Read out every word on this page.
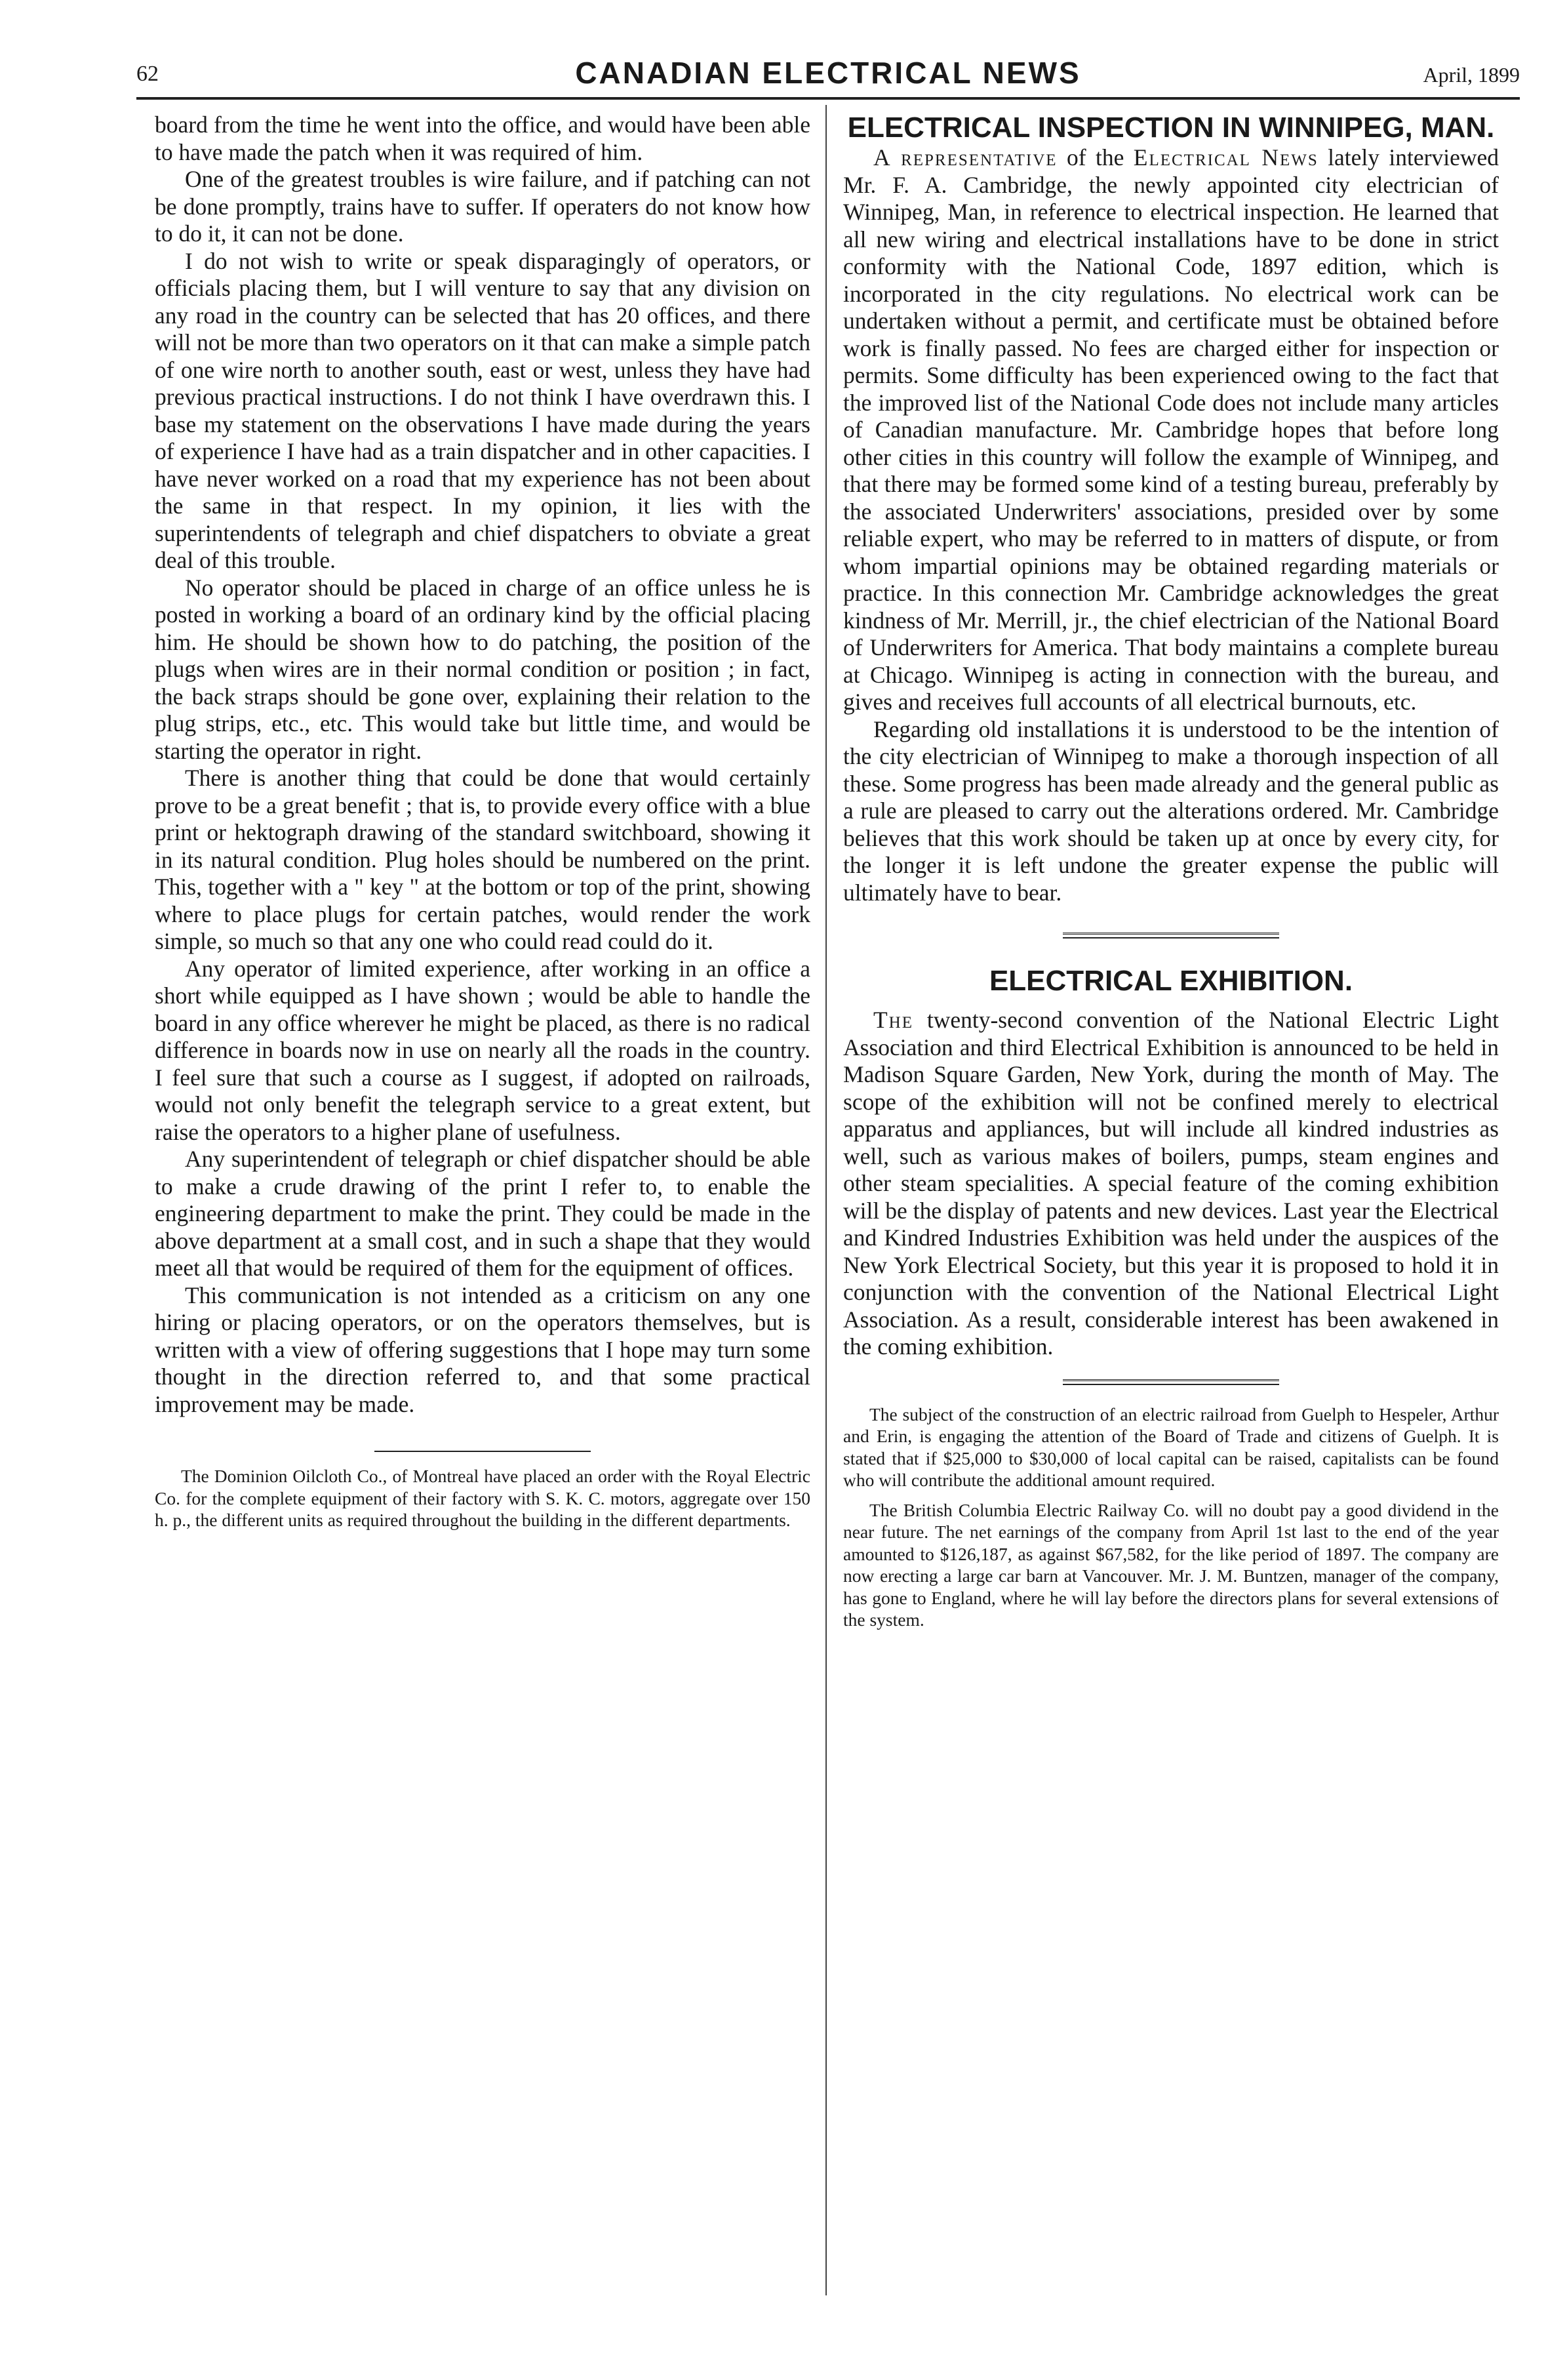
62	CANADIAN ELECTRICAL NEWS	April, 1899

board from the time he went into the office, and would have been able to have made the patch when it was required of him.

One of the greatest troubles is wire failure, and if patching can not be done promptly, trains have to suffer. If operaters do not know how to do it, it can not be done.

I do not wish to write or speak disparagingly of operators, or officials placing them, but I will venture to say that any division on any road in the country can be selected that has 20 offices, and there will not be more than two operators on it that can make a simple patch of one wire north to another south, east or west, unless they have had previous practical instructions. I do not think I have overdrawn this. I base my statement on the observations I have made during the years of experience I have had as a train dispatcher and in other capacities. I have never worked on a road that my experience has not been about the same in that respect. In my opinion, it lies with the superintendents of telegraph and chief dispatchers to obviate a great deal of this trouble.

No operator should be placed in charge of an office unless he is posted in working a board of an ordinary kind by the official placing him. He should be shown how to do patching, the position of the plugs when wires are in their normal condition or position ; in fact, the back straps should be gone over, explaining their relation to the plug strips, etc., etc. This would take but little time, and would be starting the operator in right.

There is another thing that could be done that would certainly prove to be a great benefit ; that is, to provide every office with a blue print or hektograph drawing of the standard switchboard, showing it in its natural condition. Plug holes should be numbered on the print. This, together with a " key " at the bottom or top of the print, showing where to place plugs for certain patches, would render the work simple, so much so that any one who could read could do it.

Any operator of limited experience, after working in an office a short while equipped as I have shown ; would be able to handle the board in any office wherever he might be placed, as there is no radical difference in boards now in use on nearly all the roads in the country. I feel sure that such a course as I suggest, if adopted on railroads, would not only benefit the telegraph service to a great extent, but raise the operators to a higher plane of usefulness.

Any superintendent of telegraph or chief dispatcher should be able to make a crude drawing of the print I refer to, to enable the engineering department to make the print. They could be made in the above department at a small cost, and in such a shape that they would meet all that would be required of them for the equipment of offices.

This communication is not intended as a criticism on any one hiring or placing operators, or on the operators themselves, but is written with a view of offering suggestions that I hope may turn some thought in the direction referred to, and that some practical improvement may be made.

The Dominion Oilcloth Co., of Montreal have placed an order with the Royal Electric Co. for the complete equipment of their factory with S. K. C. motors, aggregate over 150 h. p., the different units as required throughout the building in the different departments.

ELECTRICAL INSPECTION IN WINNIPEG, MAN.

A representative of the Electrical News lately interviewed Mr. F. A. Cambridge, the newly appointed city electrician of Winnipeg, Man, in reference to electrical inspection. He learned that all new wiring and electrical installations have to be done in strict conformity with the National Code, 1897 edition, which is incorporated in the city regulations. No electrical work can be undertaken without a permit, and certificate must be obtained before work is finally passed. No fees are charged either for inspection or permits. Some difficulty has been experienced owing to the fact that the improved list of the National Code does not include many articles of Canadian manufacture. Mr. Cambridge hopes that before long other cities in this country will follow the example of Winnipeg, and that there may be formed some kind of a testing bureau, preferably by the associated Underwriters' associations, presided over by some reliable expert, who may be referred to in matters of dispute, or from whom impartial opinions may be obtained regarding materials or practice. In this connection Mr. Cambridge acknowledges the great kindness of Mr. Merrill, jr., the chief electrician of the National Board of Underwriters for America. That body maintains a complete bureau at Chicago. Winnipeg is acting in connection with the bureau, and gives and receives full accounts of all electrical burnouts, etc.

Regarding old installations it is understood to be the intention of the city electrician of Winnipeg to make a thorough inspection of all these. Some progress has been made already and the general public as a rule are pleased to carry out the alterations ordered. Mr. Cambridge believes that this work should be taken up at once by every city, for the longer it is left undone the greater expense the public will ultimately have to bear.

ELECTRICAL EXHIBITION.

The twenty-second convention of the National Electric Light Association and third Electrical Exhibition is announced to be held in Madison Square Garden, New York, during the month of May. The scope of the exhibition will not be confined merely to electrical apparatus and appliances, but will include all kindred industries as well, such as various makes of boilers, pumps, steam engines and other steam specialities. A special feature of the coming exhibition will be the display of patents and new devices. Last year the Electrical and Kindred Industries Exhibition was held under the auspices of the New York Electrical Society, but this year it is proposed to hold it in conjunction with the convention of the National Electrical Light Association. As a result, considerable interest has been awakened in the coming exhibition.

The subject of the construction of an electric railroad from Guelph to Hespeler, Arthur and Erin, is engaging the attention of the Board of Trade and citizens of Guelph. It is stated that if $25,000 to $30,000 of local capital can be raised, capitalists can be found who will contribute the additional amount required.

The British Columbia Electric Railway Co. will no doubt pay a good dividend in the near future. The net earnings of the company from April 1st last to the end of the year amounted to $126,187, as against $67,582, for the like period of 1897. The company are now erecting a large car barn at Vancouver. Mr. J. M. Buntzen, manager of the company, has gone to England, where he will lay before the directors plans for several extensions of the system.
